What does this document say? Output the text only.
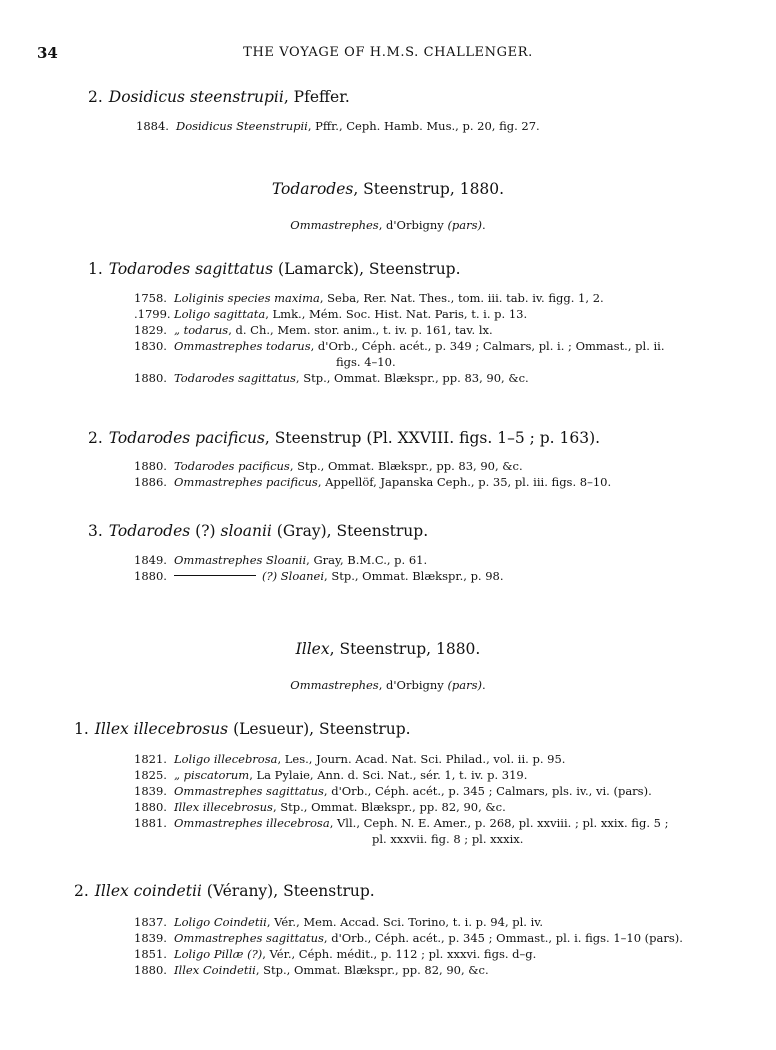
34	THE VOYAGE OF H.M.S. CHALLENGER.
2. Dosidicus steenstrupii, Pfeffer.
1884. Dosidicus Steenstrupii, Pffr., Ceph. Hamb. Mus., p. 20, fig. 27.
Todarodes, Steenstrup, 1880.
Ommastrephes, d'Orbigny (pars).
1. Todarodes sagittatus (Lamarck), Steenstrup.
1758. Loliginis species maxima, Seba, Rer. Nat. Thes., tom. iii. tab. iv. figg. 1, 2.
.1799. Loligo sagittata, Lmk., Mém. Soc. Hist. Nat. Paris, t. i. p. 13.
1829. „ todarus, d. Ch., Mem. stor. anim., t. iv. p. 161, tav. lx.
1830. Ommastrephes todarus, d'Orb., Céph. acét., p. 349 ; Calmars, pl. i. ; Ommast., pl. ii.
figs. 4–10.
1880. Todarodes sagittatus, Stp., Ommat. Blækspr., pp. 83, 90, &c.
2. Todarodes pacificus, Steenstrup (Pl. XXVIII. figs. 1–5 ; p. 163).
1880. Todarodes pacificus, Stp., Ommat. Blækspr., pp. 83, 90, &c.
1886. Ommastrephes pacificus, Appellöf, Japanska Ceph., p. 35, pl. iii. figs. 8–10.
3. Todarodes (?) sloanii (Gray), Steenstrup.
1849. Ommastrephes Sloanii, Gray, B.M.C., p. 61.
1880.	(?) Sloanei, Stp., Ommat. Blækspr., p. 98.
Illex, Steenstrup, 1880.
Ommastrephes, d'Orbigny (pars).
1. Illex illecebrosus (Lesueur), Steenstrup.
1821. Loligo illecebrosa, Les., Journ. Acad. Nat. Sci. Philad., vol. ii. p. 95.
1825. „ piscatorum, La Pylaie, Ann. d. Sci. Nat., sér. 1, t. iv. p. 319.
1839. Ommastrephes sagittatus, d'Orb., Céph. acét., p. 345 ; Calmars, pls. iv., vi. (pars).
1880. Illex illecebrosus, Stp., Ommat. Blækspr., pp. 82, 90, &c.
1881. Ommastrephes illecebrosa, Vll., Ceph. N. E. Amer., p. 268, pl. xxviii. ; pl. xxix. fig. 5 ;
pl. xxxvii. fig. 8 ; pl. xxxix.
2. Illex coindetii (Vérany), Steenstrup.
1837. Loligo Coindetii, Vér., Mem. Accad. Sci. Torino, t. i. p. 94, pl. iv.
1839. Ommastrephes sagittatus, d'Orb., Céph. acét., p. 345 ; Ommast., pl. i. figs. 1–10 (pars).
1851. Loligo Pillæ (?), Vér., Céph. médit., p. 112 ; pl. xxxvi. figs. d–g.
1880. Illex Coindetii, Stp., Ommat. Blækspr., pp. 82, 90, &c.
